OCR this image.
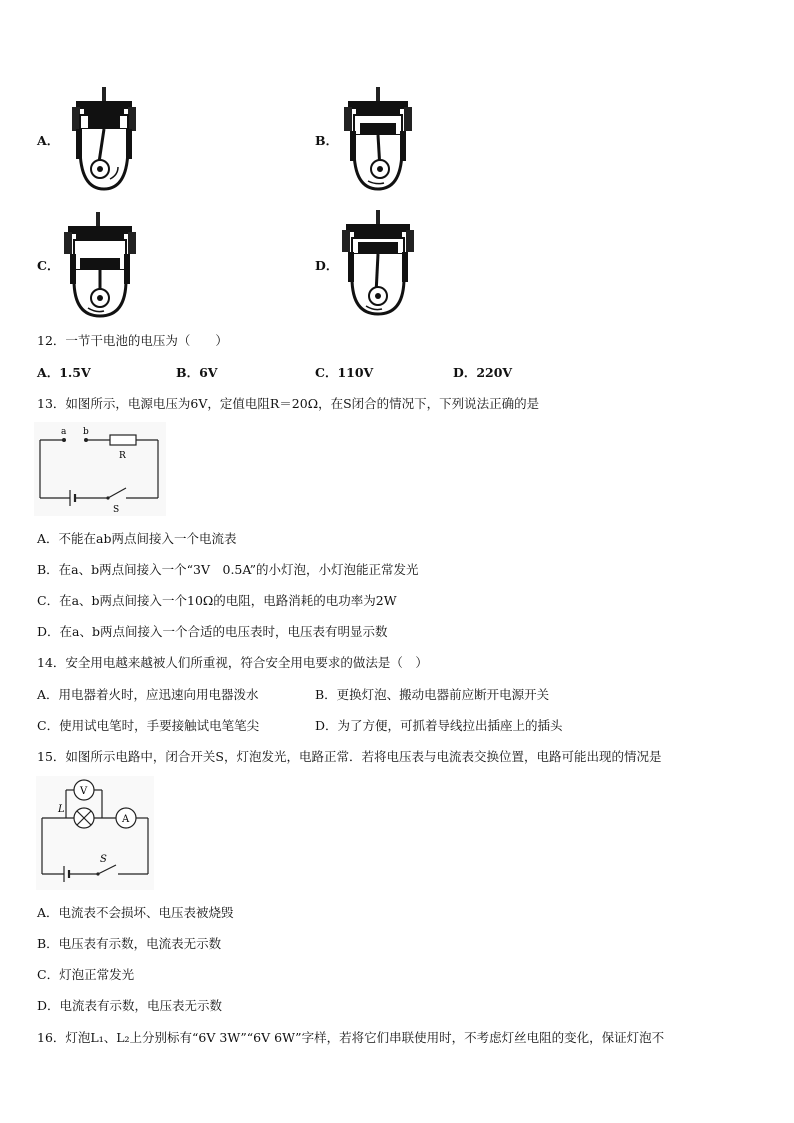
A．	B．
C．	D．
12．一节干电池的电压为（　　）
A．1.5V	B．6V	C．110V	D．220V
13．如图所示，电源电压为6V，定值电阻R＝20Ω，在S闭合的情况下，下列说法正确的是
a b
R
S
A．不能在ab两点间接入一个电流表
B．在a、b两点间接入一个“3V　0.5A”的小灯泡，小灯泡能正常发光
C．在a、b两点间接入一个10Ω的电阻，电路消耗的电功率为2W
D．在a、b两点间接入一个合适的电压表时，电压表有明显示数
14．安全用电越来越被人们所重视，符合安全用电要求的做法是（　）
A．用电器着火时，应迅速向用电器泼水	B．更换灯泡、搬动电器前应断开电源开关
C．使用试电笔时，手要接触试电笔笔尖	D．为了方便，可抓着导线拉出插座上的插头
15．如图所示电路中，闭合开关S，灯泡发光，电路正常．若将电压表与电流表交换位置，电路可能出现的情况是
V
L
A
S
A．电流表不会损坏、电压表被烧毁
B．电压表有示数，电流表无示数
C．灯泡正常发光
D．电流表有示数，电压表无示数
16．灯泡L₁、L₂上分别标有“6V 3W”“6V 6W”字样，若将它们串联使用时，不考虑灯丝电阻的变化，保证灯泡不
